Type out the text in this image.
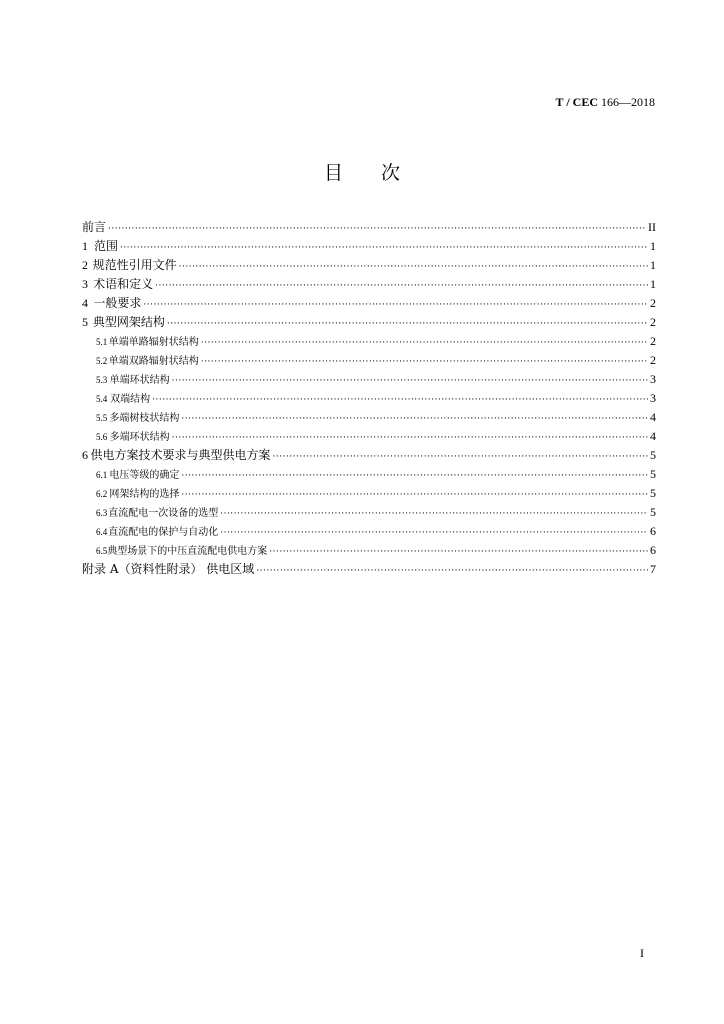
T / CEC 166—2018
目次
前言 ·····	II
1 范围 ·····	1
2 规范性引用文件 ·····	1
3 术语和定义 ·····	1
4 一般要求 ·····	2
5 典型网架结构 ·····	2
5.1 单端单路辐射状结构 ·····	2
5.2 单端双路辐射状结构 ·····	2
5.3 单端环状结构 ·····	3
5.4 双端结构 ·····	3
5.5 多端树枝状结构 ·····	4
5.6 多端环状结构 ·····	4
6 供电方案技术要求与典型供电方案 ·····	5
6.1 电压等级的确定 ·····	5
6.2 网架结构的选择 ·····	5
6.3 直流配电一次设备的选型 ·····	5
6.4 直流配电的保护与自动化 ·····	6
6.5 典型场景下的中压直流配电供电方案 ·····	6
附录 A（资料性附录） 供电区域 ·····	7
I
